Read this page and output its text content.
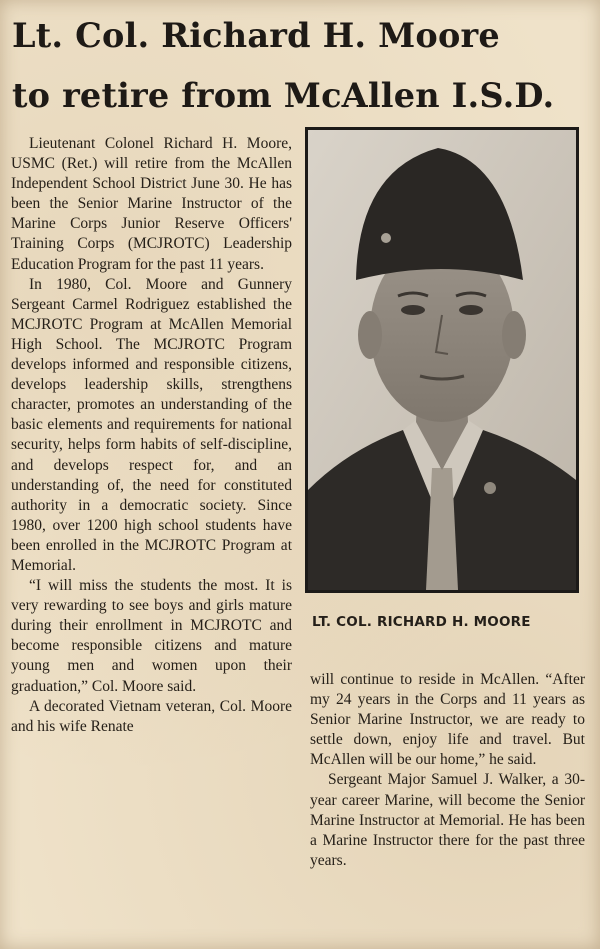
Lt. Col. Richard H. Moore
to retire from McAllen I.S.D.

Lieutenant Colonel Richard H. Moore, USMC (Ret.) will retire from the McAllen Independent School District June 30. He has been the Senior Marine Instructor of the Marine Corps Junior Reserve Officers' Training Corps (MCJROTC) Leadership Education Program for the past 11 years.

In 1980, Col. Moore and Gunnery Sergeant Carmel Rodriguez established the MCJROTC Program at McAllen Memorial High School. The MCJROTC Program develops informed and responsible citizens, develops leadership skills, strengthens character, promotes an understanding of the basic elements and requirements for national security, helps form habits of self-discipline, and develops respect for, and an understanding of, the need for constituted authority in a democratic society. Since 1980, over 1200 high school students have been enrolled in the MCJROTC Program at Memorial.

“I will miss the students the most. It is very rewarding to see boys and girls mature during their enrollment in MCJROTC and become responsible citizens and mature young men and women upon their graduation,” Col. Moore said.

A decorated Vietnam veteran, Col. Moore and his wife Renate

LT. COL. RICHARD H. MOORE

will continue to reside in McAllen. “After my 24 years in the Corps and 11 years as Senior Marine Instructor, we are ready to settle down, enjoy life and travel. But McAllen will be our home,” he said.

Sergeant Major Samuel J. Walker, a 30-year career Marine, will become the Senior Marine Instructor at Memorial. He has been a Marine Instructor there for the past three years.
